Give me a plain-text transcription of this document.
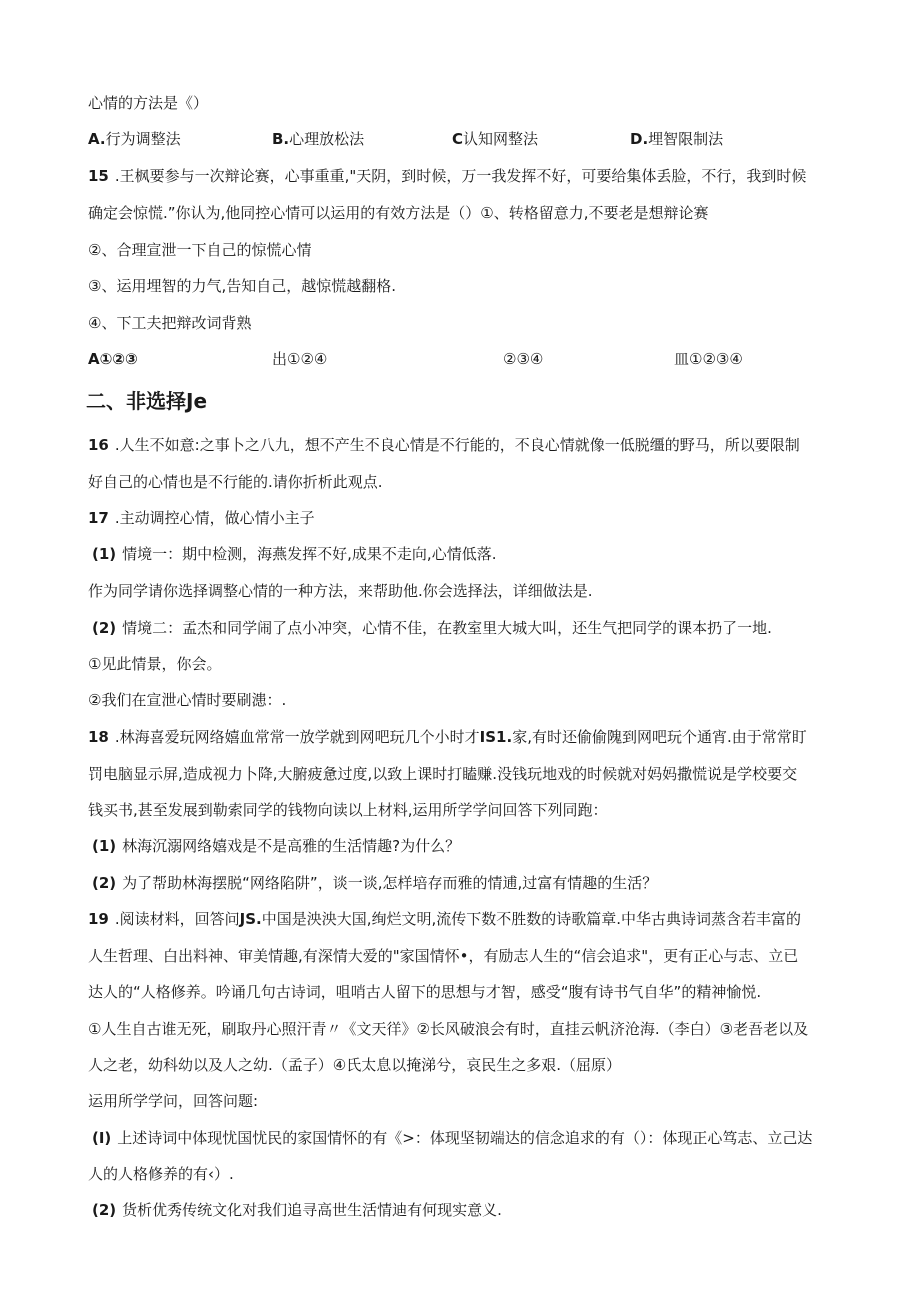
心情的方法是《）
A.行为调整法	B.心理放松法	C认知网整法	D.埋智限制法
15 .王枫要参与一次辩论赛，心事重重,"天阴，到时候，万一我发挥不好，可要给集体丢脸，不行，我到时候
确定会惊慌.”你认为,他同控心情可以运用的有效方法是（）①、转格留意力,不要老是想辩论赛
②、合理宣泄一下自己的惊慌心情
③、运用埋智的力气,告知自己，越惊慌越翻格.
④、下工夫把辩改词背熟
A①②③	出①②④	②③④	皿①②③④
二、非选择Je
16 .人生不如意:之事卜之八九，想不产生不良心情是不行能的，不良心情就像一低脱缰的野马，所以要限制
好自己的心情也是不行能的.请你折析此观点.
17 .主动调控心情，做心情小主子
(1) 情境一：期中检测，海燕发挥不好,成果不走向,心情低落.
作为同学请你选择调整心情的一种方法，来帮助他.你会选择法，详细做法是.
(2) 情境二：孟杰和同学闹了点小冲突，心情不佳，在教室里大城大叫，还生气把同学的课本扔了一地.
①见此情景，你会。
②我们在宣泄心情时要刷漶：.
18 .林海喜爱玩网络嬉血常常一放学就到网吧玩几个小时才IS1.家,有时还偷偷隗到网吧玩个通宵.由于常常盯
罚电脑显示屏,造成视力卜降,大腑疲惫过度,以致上课时打瞌赚.没钱玩地戏的时候就对妈妈撒慌说是学校要交
钱买书,甚至发展到勒索同学的钱物向读以上材料,运用所学学问回答下列同跑：
(1) 林海沉溺网络嬉戏是不是高雅的生活情趣?为什么？
(2) 为了帮助林海摆脱“网络陷阱”，谈一谈,怎样培存而雅的情逋,过富有情趣的生活？
19 .阅读材料，回答问JS.中国是泱泱大国,绚烂文明,流传下数不胜数的诗歌篇章.中华古典诗词蒸含若丰富的
人生哲理、白出料神、审美情趣,有深情大爱的"家国情怀•，有励志人生的“信会追求"，更有正心与志、立已
达人的“人格修养。吟诵几句古诗词，咀哨古人留下的思想与才智，感受“腹有诗书气自华”的精神愉悦.
①人生自古谁无死，刷取丹心照汗青〃《文天徉》②长风破浪会有时，直挂云帆济沧海.（李白）③老吾老以及
人之老，幼科幼以及人之幼.（孟子）④氏太息以掩涕兮，哀民生之多艰.（屈原）
运用所学学问，回答问题:
(I) 上述诗词中体现忧国忧民的家国情怀的有《>：体现坚韧端达的信念追求的有（）：体现正心笃志、立己达
人的人格修养的有‹）.
(2) 货析优秀传统文化对我们追寻高世生活情迪有何现实意义.
